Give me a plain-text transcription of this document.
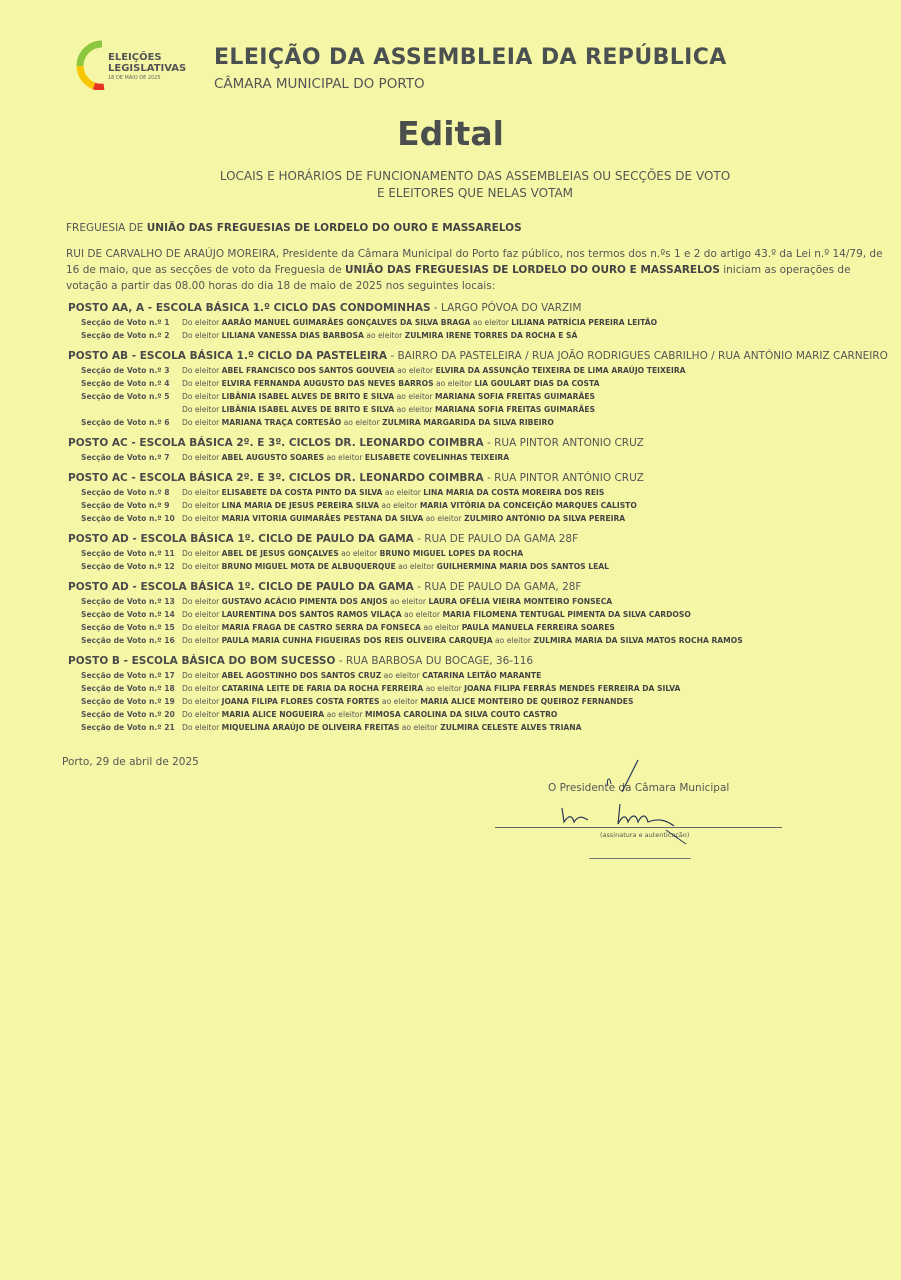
ELEIÇÕES
LEGISLATIVAS
18 DE MAIO DE 2025
ELEIÇÃO DA ASSEMBLEIA DA REPÚBLICA
CÂMARA MUNICIPAL DO PORTO
Edital
LOCAIS E HORÁRIOS DE FUNCIONAMENTO DAS ASSEMBLEIAS OU SECÇÕES DE VOTO
E ELEITORES QUE NELAS VOTAM
FREGUESIA DE UNIÃO DAS FREGUESIAS DE LORDELO DO OURO E MASSARELOS
RUI DE CARVALHO DE ARAÚJO MOREIRA, Presidente da Câmara Municipal do Porto faz público, nos termos dos n.ºs 1 e 2 do artigo 43.º da Lei n.º 14/79, de 16 de maio, que as secções de voto da Freguesia de UNIÃO DAS FREGUESIAS DE LORDELO DO OURO E MASSARELOS iniciam as operações de votação a partir das 08.00 horas do dia 18 de maio de 2025 nos seguintes locais:
POSTO AA, A - ESCOLA BÁSICA 1.º CICLO DAS CONDOMINHAS - LARGO PÓVOA DO VARZIM
Secção de Voto n.º 1	Do eleitor AARÃO MANUEL GUIMARÃES GONÇALVES DA SILVA BRAGA ao eleitor LILIANA PATRÍCIA PEREIRA LEITÃO
Secção de Voto n.º 2	Do eleitor LILIANA VANESSA DIAS BARBOSA ao eleitor ZULMIRA IRENE TORRES DA ROCHA E SÁ
POSTO AB - ESCOLA BÁSICA 1.º CICLO DA PASTELEIRA - BAIRRO DA PASTELEIRA / RUA JOÃO RODRIGUES CABRILHO / RUA ANTÓNIO MARIZ CARNEIRO
Secção de Voto n.º 3	Do eleitor ABEL FRANCISCO DOS SANTOS GOUVEIA ao eleitor ELVIRA DA ASSUNÇÃO TEIXEIRA DE LIMA ARAÚJO TEIXEIRA
Secção de Voto n.º 4	Do eleitor ELVIRA FERNANDA AUGUSTO DAS NEVES BARROS ao eleitor LIA GOULART DIAS DA COSTA
Secção de Voto n.º 5	Do eleitor LIBÂNIA ISABEL ALVES DE BRITO E SILVA ao eleitor MARIANA SOFIA FREITAS GUIMARÃES
Do eleitor LIBÂNIA ISABEL ALVES DE BRITO E SILVA ao eleitor MARIANA SOFIA FREITAS GUIMARÃES
Secção de Voto n.º 6	Do eleitor MARIANA TRAÇA CORTESÃO ao eleitor ZULMIRA MARGARIDA DA SILVA RIBEIRO
POSTO AC - ESCOLA BÁSICA 2º. E 3º. CICLOS DR. LEONARDO COIMBRA - RUA PINTOR ANTONIO CRUZ
Secção de Voto n.º 7	Do eleitor ABEL AUGUSTO SOARES ao eleitor ELISABETE COVELINHAS TEIXEIRA
POSTO AC - ESCOLA BÁSICA 2º. E 3º. CICLOS DR. LEONARDO COIMBRA - RUA PINTOR ANTÓNIO CRUZ
Secção de Voto n.º 8	Do eleitor ELISABETE DA COSTA PINTO DA SILVA ao eleitor LINA MARIA DA COSTA MOREIRA DOS REIS
Secção de Voto n.º 9	Do eleitor LINA MARIA DE JESUS PEREIRA SILVA ao eleitor MARIA VITÓRIA DA CONCEIÇÃO MARQUES CALISTO
Secção de Voto n.º 10 Do eleitor MARIA VITORIA GUIMARÃES PESTANA DA SILVA ao eleitor ZULMIRO ANTÓNIO DA SILVA PEREIRA
POSTO AD - ESCOLA BÁSICA 1º. CICLO DE PAULO DA GAMA - RUA DE PAULO DA GAMA 28F
Secção de Voto n.º 11 Do eleitor ABEL DE JESUS GONÇALVES ao eleitor BRUNO MIGUEL LOPES DA ROCHA
Secção de Voto n.º 12 Do eleitor BRUNO MIGUEL MOTA DE ALBUQUERQUE ao eleitor GUILHERMINA MARIA DOS SANTOS LEAL
POSTO AD - ESCOLA BÁSICA 1º. CICLO DE PAULO DA GAMA - RUA DE PAULO DA GAMA, 28F
Secção de Voto n.º 13 Do eleitor GUSTAVO ACÁCIO PIMENTA DOS ANJOS ao eleitor LAURA OFÉLIA VIEIRA MONTEIRO FONSECA
Secção de Voto n.º 14 Do eleitor LAURENTINA DOS SANTOS RAMOS VILAÇA ao eleitor MARIA FILOMENA TENTUGAL PIMENTA DA SILVA CARDOSO
Secção de Voto n.º 15 Do eleitor MARIA FRAGA DE CASTRO SERRA DA FONSECA ao eleitor PAULA MANUELA FERREIRA SOARES
Secção de Voto n.º 16 Do eleitor PAULA MARIA CUNHA FIGUEIRAS DOS REIS OLIVEIRA CARQUEJA ao eleitor ZULMIRA MARIA DA SILVA MATOS ROCHA RAMOS
POSTO B - ESCOLA BÁSICA DO BOM SUCESSO - RUA BARBOSA DU BOCAGE, 36-116
Secção de Voto n.º 17 Do eleitor ABEL AGOSTINHO DOS SANTOS CRUZ ao eleitor CATARINA LEITÃO MARANTE
Secção de Voto n.º 18 Do eleitor CATARINA LEITE DE FARIA DA ROCHA FERREIRA ao eleitor JOANA FILIPA FERRÁS MENDES FERREIRA DA SILVA
Secção de Voto n.º 19 Do eleitor JOANA FILIPA FLORES COSTA FORTES ao eleitor MARIA ALICE MONTEIRO DE QUEIROZ FERNANDES
Secção de Voto n.º 20 Do eleitor MARIA ALICE NOGUEIRA ao eleitor MIMOSA CAROLINA DA SILVA COUTO CASTRO
Secção de Voto n.º 21 Do eleitor MIQUELINA ARAÚJO DE OLIVEIRA FREITAS ao eleitor ZULMIRA CELESTE ALVES TRIANA
Porto, 29 de abril de 2025
O Presidente da Câmara Municipal
(assinatura e autenticação)
